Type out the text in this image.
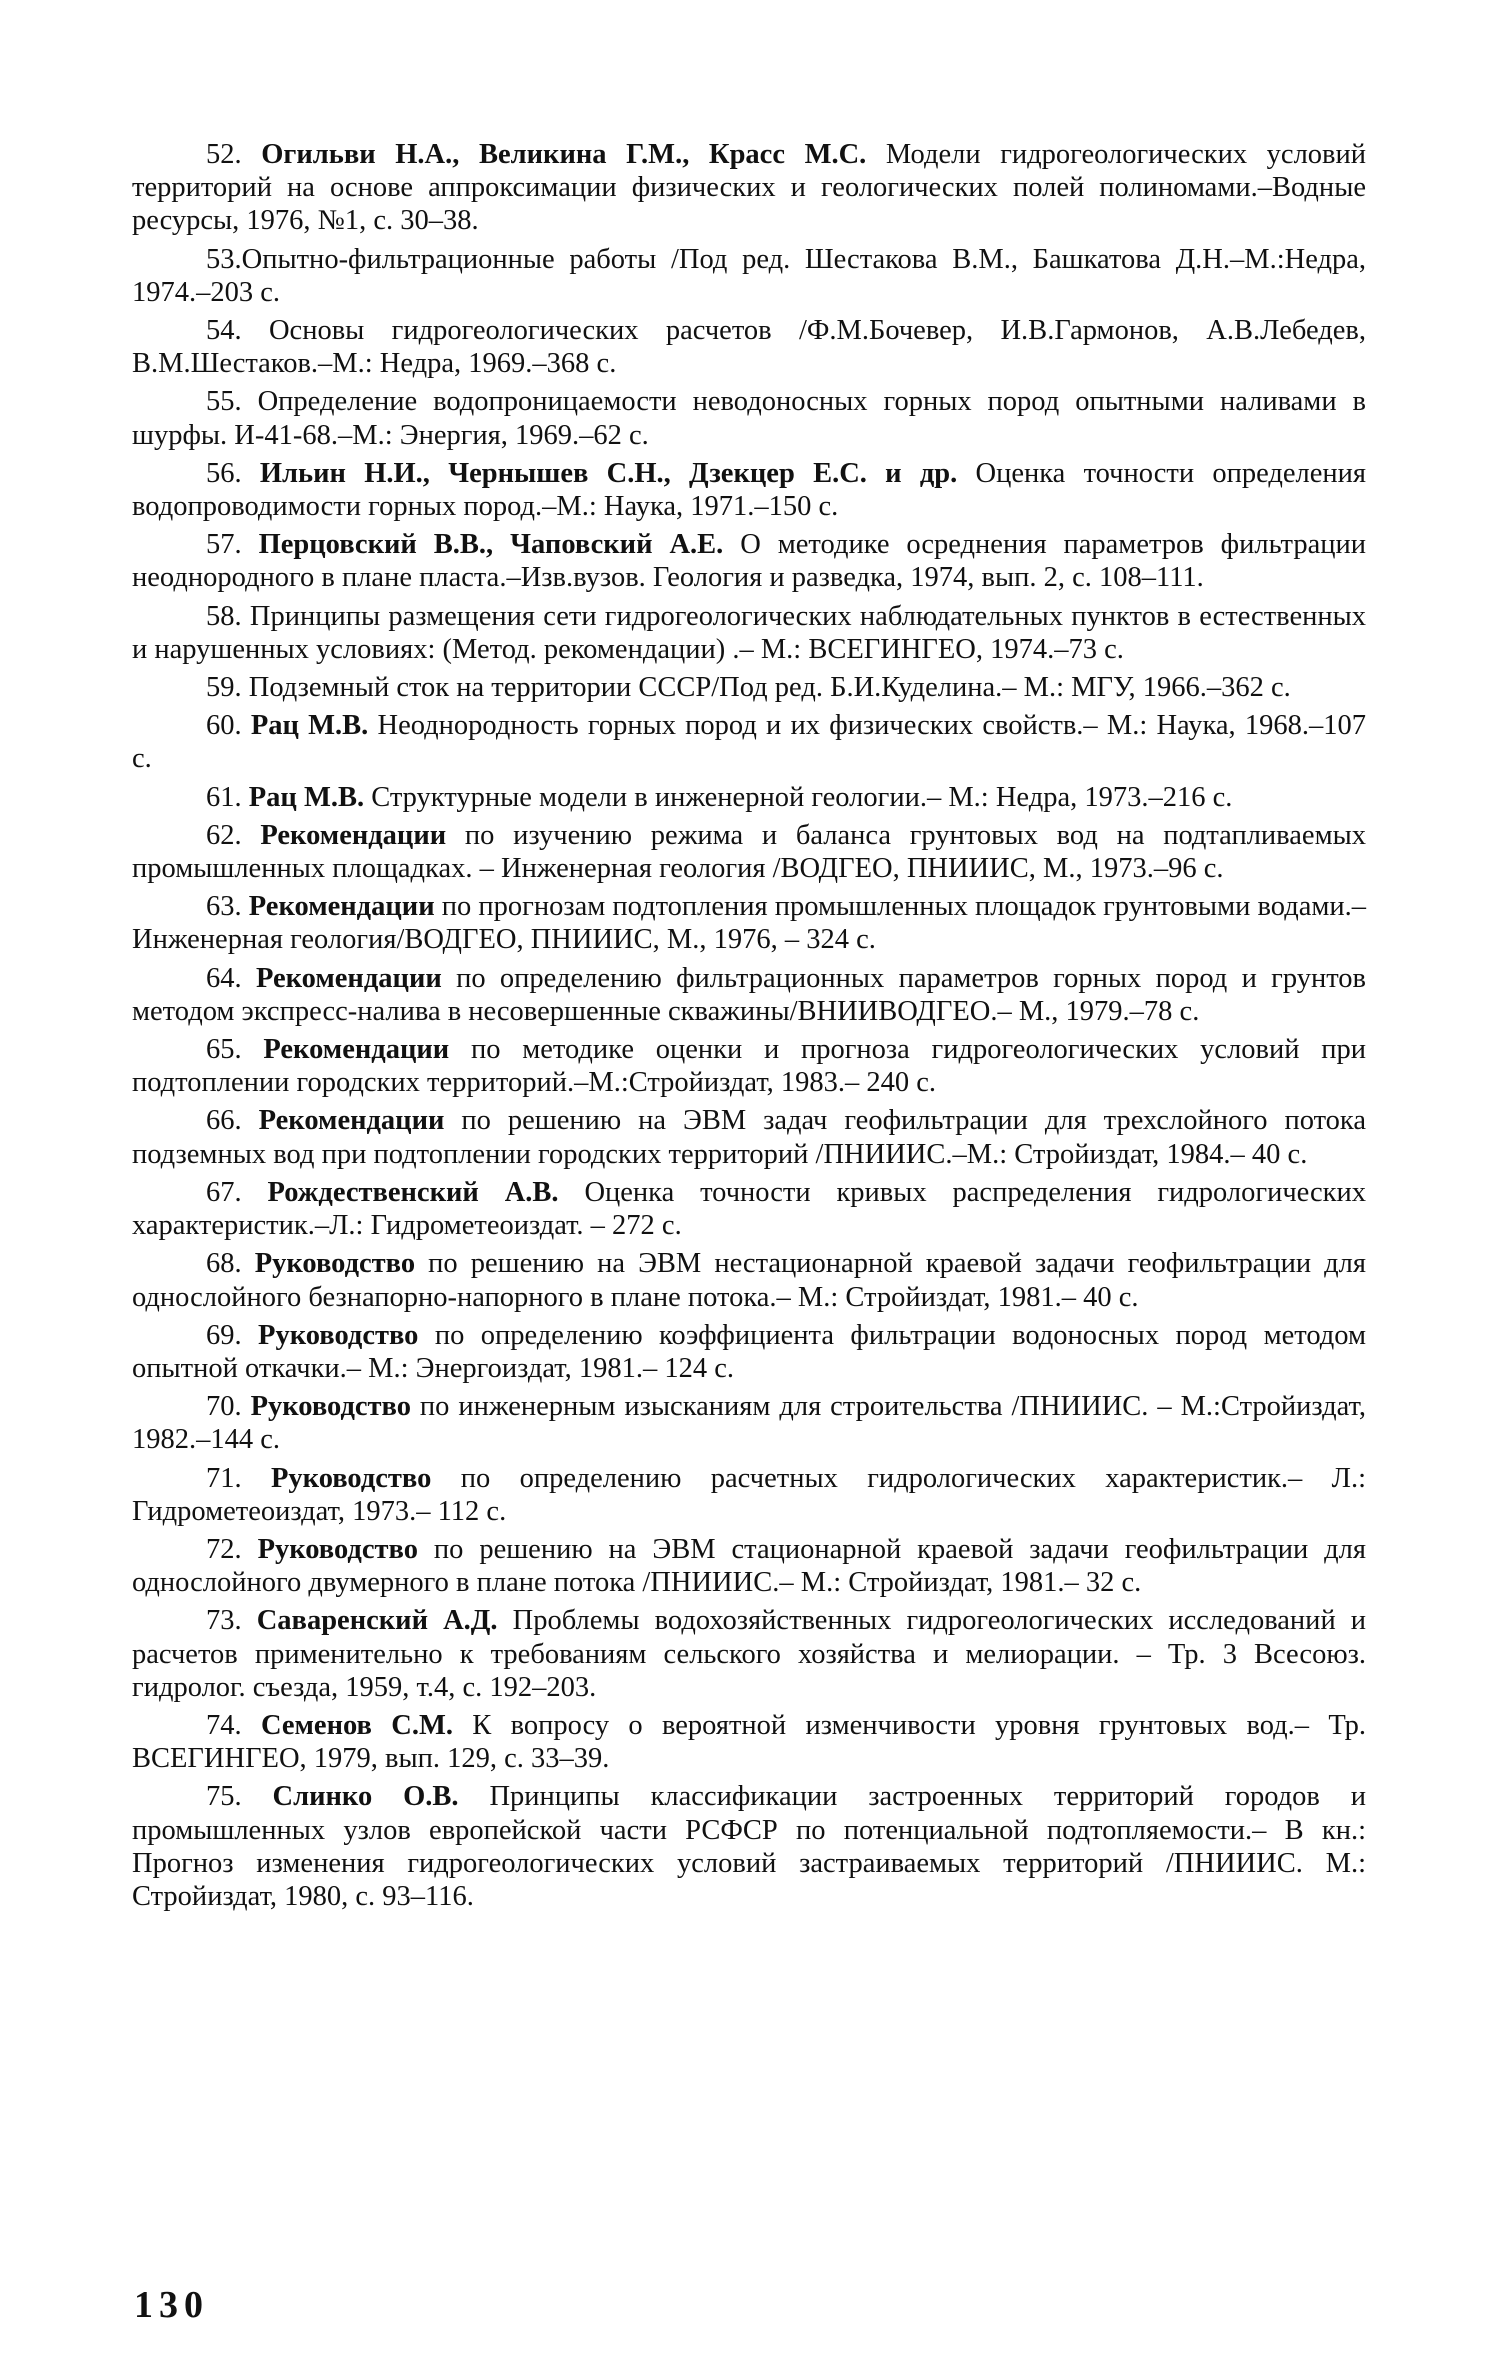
52. Огильви Н.А., Великина Г.М., Красс М.С. Модели гидрогеологических условий территорий на основе аппроксимации физических и геологических полей полиномами.–Водные ресурсы, 1976, №1, с. 30–38.

53.Опытно-фильтрационные работы /Под ред. Шестакова В.М., Башкатова Д.Н.–М.:Недра, 1974.–203 с.

54. Основы гидрогеологических расчетов /Ф.М.Бочевер, И.В.Гармонов, А.В.Лебедев, В.М.Шестаков.–М.: Недра, 1969.–368 с.

55. Определение водопроницаемости неводоносных горных пород опытными наливами в шурфы. И-41-68.–М.: Энергия, 1969.–62 с.

56. Ильин Н.И., Чернышев С.Н., Дзекцер Е.С. и др. Оценка точности определения водопроводимости горных пород.–М.: Наука, 1971.–150 с.

57. Перцовский В.В., Чаповский А.Е. О методике осреднения параметров фильтрации неоднородного в плане пласта.–Изв.вузов. Геология и разведка, 1974, вып. 2, с. 108–111.

58. Принципы размещения сети гидрогеологических наблюдательных пунктов в естественных и нарушенных условиях: (Метод. рекомендации) .– М.: ВСЕГИНГЕО, 1974.–73 с.

59. Подземный сток на территории СССР/Под ред. Б.И.Куделина.– М.: МГУ, 1966.–362 с.

60. Рац М.В. Неоднородность горных пород и их физических свойств.– М.: Наука, 1968.–107 с.

61. Рац М.В. Структурные модели в инженерной геологии.– М.: Недра, 1973.–216 с.

62. Рекомендации по изучению режима и баланса грунтовых вод на подтапливаемых промышленных площадках. – Инженерная геология /ВОДГЕО, ПНИИИС, М., 1973.–96 с.

63. Рекомендации по прогнозам подтопления промышленных площадок грунтовыми водами.– Инженерная геология/ВОДГЕО, ПНИИИС, М., 1976, – 324 с.

64. Рекомендации по определению фильтрационных параметров горных пород и грунтов методом экспресс-налива в несовершенные скважины/ВНИИВОДГЕО.– М., 1979.–78 с.

65. Рекомендации по методике оценки и прогноза гидрогеологических условий при подтоплении городских территорий.–М.:Стройиздат, 1983.– 240 с.

66. Рекомендации по решению на ЭВМ задач геофильтрации для трехслойного потока подземных вод при подтоплении городских территорий /ПНИИИС.–М.: Стройиздат, 1984.– 40 с.

67. Рождественский А.В. Оценка точности кривых распределения гидрологических характеристик.–Л.: Гидрометеоиздат. – 272 с.

68. Руководство по решению на ЭВМ нестационарной краевой задачи геофильтрации для однослойного безнапорно-напорного в плане потока.– М.: Стройиздат, 1981.– 40 с.

69. Руководство по определению коэффициента фильтрации водоносных пород методом опытной откачки.– М.: Энергоиздат, 1981.– 124 с.

70. Руководство по инженерным изысканиям для строительства /ПНИИИС. – М.:Стройиздат, 1982.–144 с.

71. Руководство по определению расчетных гидрологических характеристик.– Л.: Гидрометеоиздат, 1973.– 112 с.

72. Руководство по решению на ЭВМ стационарной краевой задачи геофильтрации для однослойного двумерного в плане потока /ПНИИИС.– М.: Стройиздат, 1981.– 32 с.

73. Саваренский А.Д. Проблемы водохозяйственных гидрогеологических исследований и расчетов применительно к требованиям сельского хозяйства и мелиорации. – Тр. 3 Всесоюз. гидролог. съезда, 1959, т.4, с. 192–203.

74. Семенов С.М. К вопросу о вероятной изменчивости уровня грунтовых вод.– Тр. ВСЕГИНГЕО, 1979, вып. 129, с. 33–39.

75. Слинко О.В. Принципы классификации застроенных территорий городов и промышленных узлов европейской части РСФСР по потенциальной подтопляемости.– В кн.: Прогноз изменения гидрогеологических условий застраиваемых территорий /ПНИИИС. М.: Стройиздат, 1980, с. 93–116.

130
